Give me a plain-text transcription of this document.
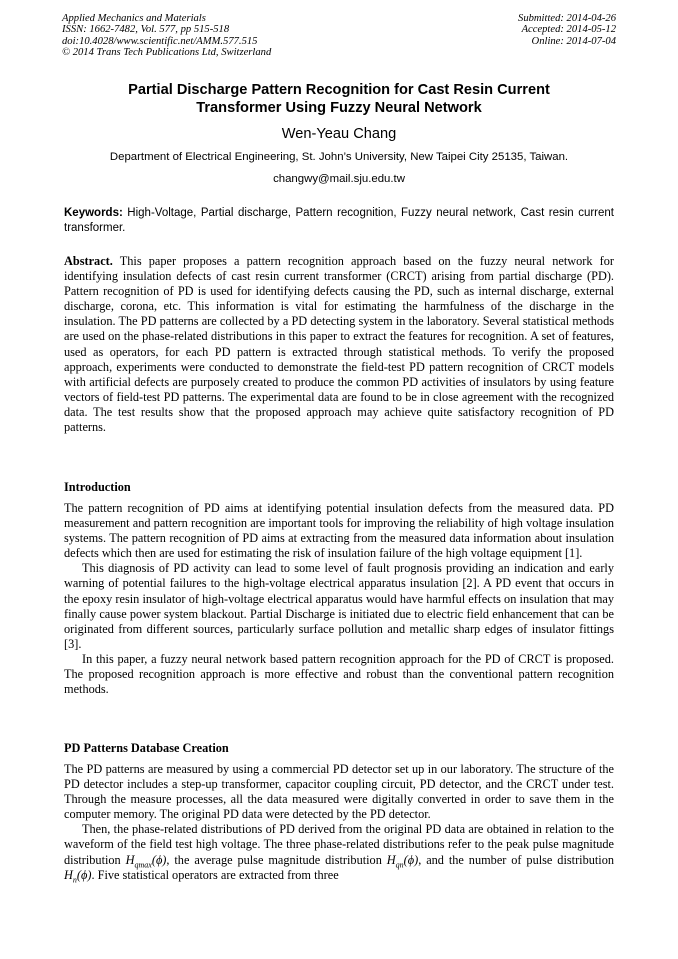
Applied Mechanics and Materials
ISSN: 1662-7482, Vol. 577, pp 515-518
doi:10.4028/www.scientific.net/AMM.577.515
© 2014 Trans Tech Publications Ltd, Switzerland
Submitted: 2014-04-26
Accepted: 2014-05-12
Online: 2014-07-04
Partial Discharge Pattern Recognition for Cast Resin Current
Transformer Using Fuzzy Neural Network
Wen-Yeau Chang
Department of Electrical Engineering, St. John’s University, New Taipei City 25135, Taiwan.
changwy@mail.sju.edu.tw
Keywords: High-Voltage, Partial discharge, Pattern recognition, Fuzzy neural network, Cast resin current transformer.

Abstract. This paper proposes a pattern recognition approach based on the fuzzy neural network for identifying insulation defects of cast resin current transformer (CRCT) arising from partial discharge (PD). Pattern recognition of PD is used for identifying defects causing the PD, such as internal discharge, external discharge, corona, etc. This information is vital for estimating the harmfulness of the discharge in the insulation. The PD patterns are collected by a PD detecting system in the laboratory. Several statistical methods are used on the phase-related distributions in this paper to extract the features for recognition. A set of features, used as operators, for each PD pattern is extracted through statistical methods. To verify the proposed approach, experiments were conducted to demonstrate the field-test PD pattern recognition of CRCT models with artificial defects are purposely created to produce the common PD activities of insulators by using feature vectors of field-test PD patterns. The experimental data are found to be in close agreement with the recognized data. The test results show that the proposed approach may achieve quite satisfactory recognition of PD patterns.

Introduction

The pattern recognition of PD aims at identifying potential insulation defects from the measured data. PD measurement and pattern recognition are important tools for improving the reliability of high voltage insulation systems. The pattern recognition of PD aims at extracting from the measured data information about insulation defects which then are used for estimating the risk of insulation failure of the high voltage equipment [1].

This diagnosis of PD activity can lead to some level of fault prognosis providing an indication and early warning of potential failures to the high-voltage electrical apparatus insulation [2]. A PD event that occurs in the epoxy resin insulator of high-voltage electrical apparatus would have harmful effects on insulation that may finally cause power system blackout. Partial Discharge is initiated due to electric field enhancement that can be originated from different sources, particularly surface pollution and metallic sharp edges of insulator fittings [3].

In this paper, a fuzzy neural network based pattern recognition approach for the PD of CRCT is proposed. The proposed recognition approach is more effective and robust than the conventional pattern recognition methods.

PD Patterns Database Creation

The PD patterns are measured by using a commercial PD detector set up in our laboratory. The structure of the PD detector includes a step-up transformer, capacitor coupling circuit, PD detector, and the CRCT under test. Through the measure processes, all the data measured were digitally converted in order to save them in the computer memory. The original PD data were detected by the PD detector.

Then, the phase-related distributions of PD derived from the original PD data are obtained in relation to the waveform of the field test high voltage. The three phase-related distributions refer to the peak pulse magnitude distribution $H_{qmax}(\phi)$, the average pulse magnitude distribution $H_{qn}(\phi)$, and the number of pulse distribution $H_n(\phi)$. Five statistical operators are extracted from three
